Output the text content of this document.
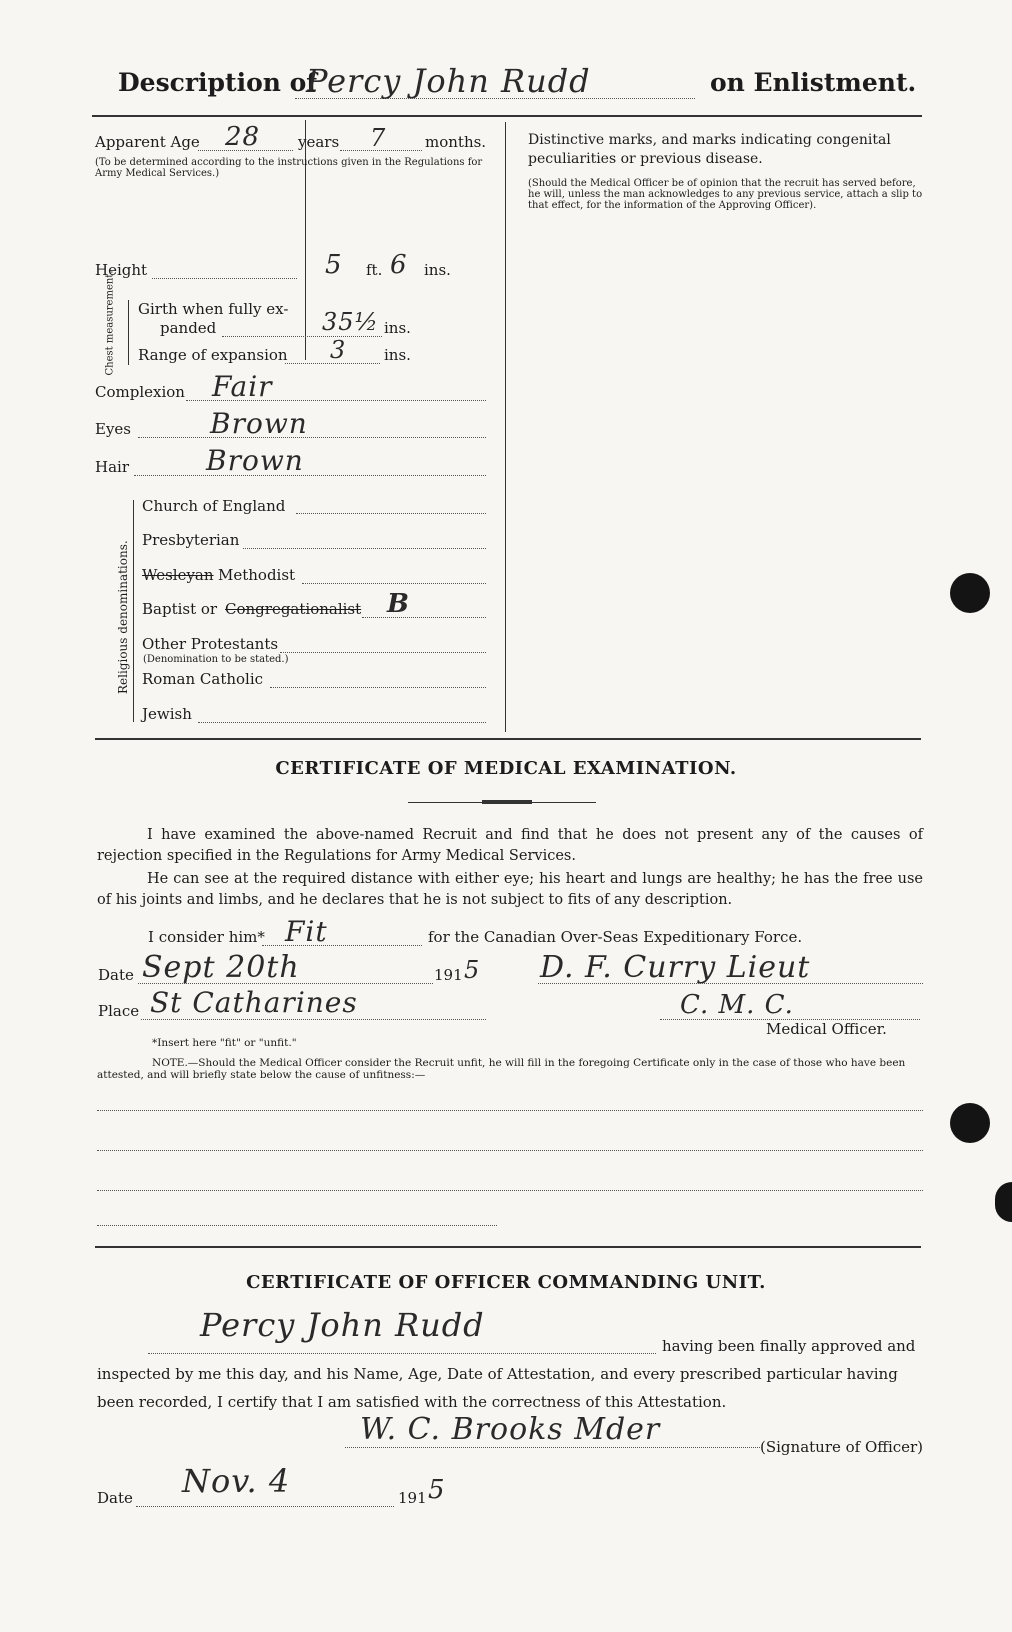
Description of
Percy John Rudd	on Enlistment.
Apparent Age 28	years 7	months.
(To be determined according to the instructions given in the Regulations for Army Medical Services.)
Height	5 ft. 6 ins.
Chest measurement. Girth when fully ex-
panded	35½ ins.
Range of expansion 3	ins.
Complexion Fair
Eyes	Brown
Hair	Brown
Religious denominations.
Church of England
Presbyterian
Wesleyan Methodist
Baptist or Congregationalist B
Other Protestants
(Denomination to be stated.)
Roman Catholic
Jewish
Distinctive marks, and marks indicating congenital peculiarities or previous disease.
(Should the Medical Officer be of opinion that the recruit has served before, he will, unless the man acknowledges to any previous service, attach a slip to that effect, for the information of the Approving Officer).
CERTIFICATE OF MEDICAL EXAMINATION.
I have examined the above-named Recruit and find that he does not present any of the causes of rejection specified in the Regulations for Army Medical Services.
He can see at the required distance with either eye; his heart and lungs are healthy; he has the free use of his joints and limbs, and he declares that he is not subject to fits of any description.
I consider him* Fit	for the Canadian Over-Seas Expeditionary Force.
Date Sept 20th	191 5 D. F. Curry Lieut
Place St Catharines	C. M. C.
Medical Officer.
*Insert here "fit" or "unfit."
NOTE.—Should the Medical Officer consider the Recruit unfit, he will fill in the foregoing Certificate only in the case of those who have been attested, and will briefly state below the cause of unfitness:—
CERTIFICATE OF OFFICER COMMANDING UNIT.
Percy John Rudd
having been finally approved and
inspected by me this day, and his Name, Age, Date of Attestation, and every prescribed particular having
been recorded, I certify that I am satisfied with the correctness of this Attestation.
W. C. Brooks Mder	(Signature of Officer)
Date Nov. 4	191 5
